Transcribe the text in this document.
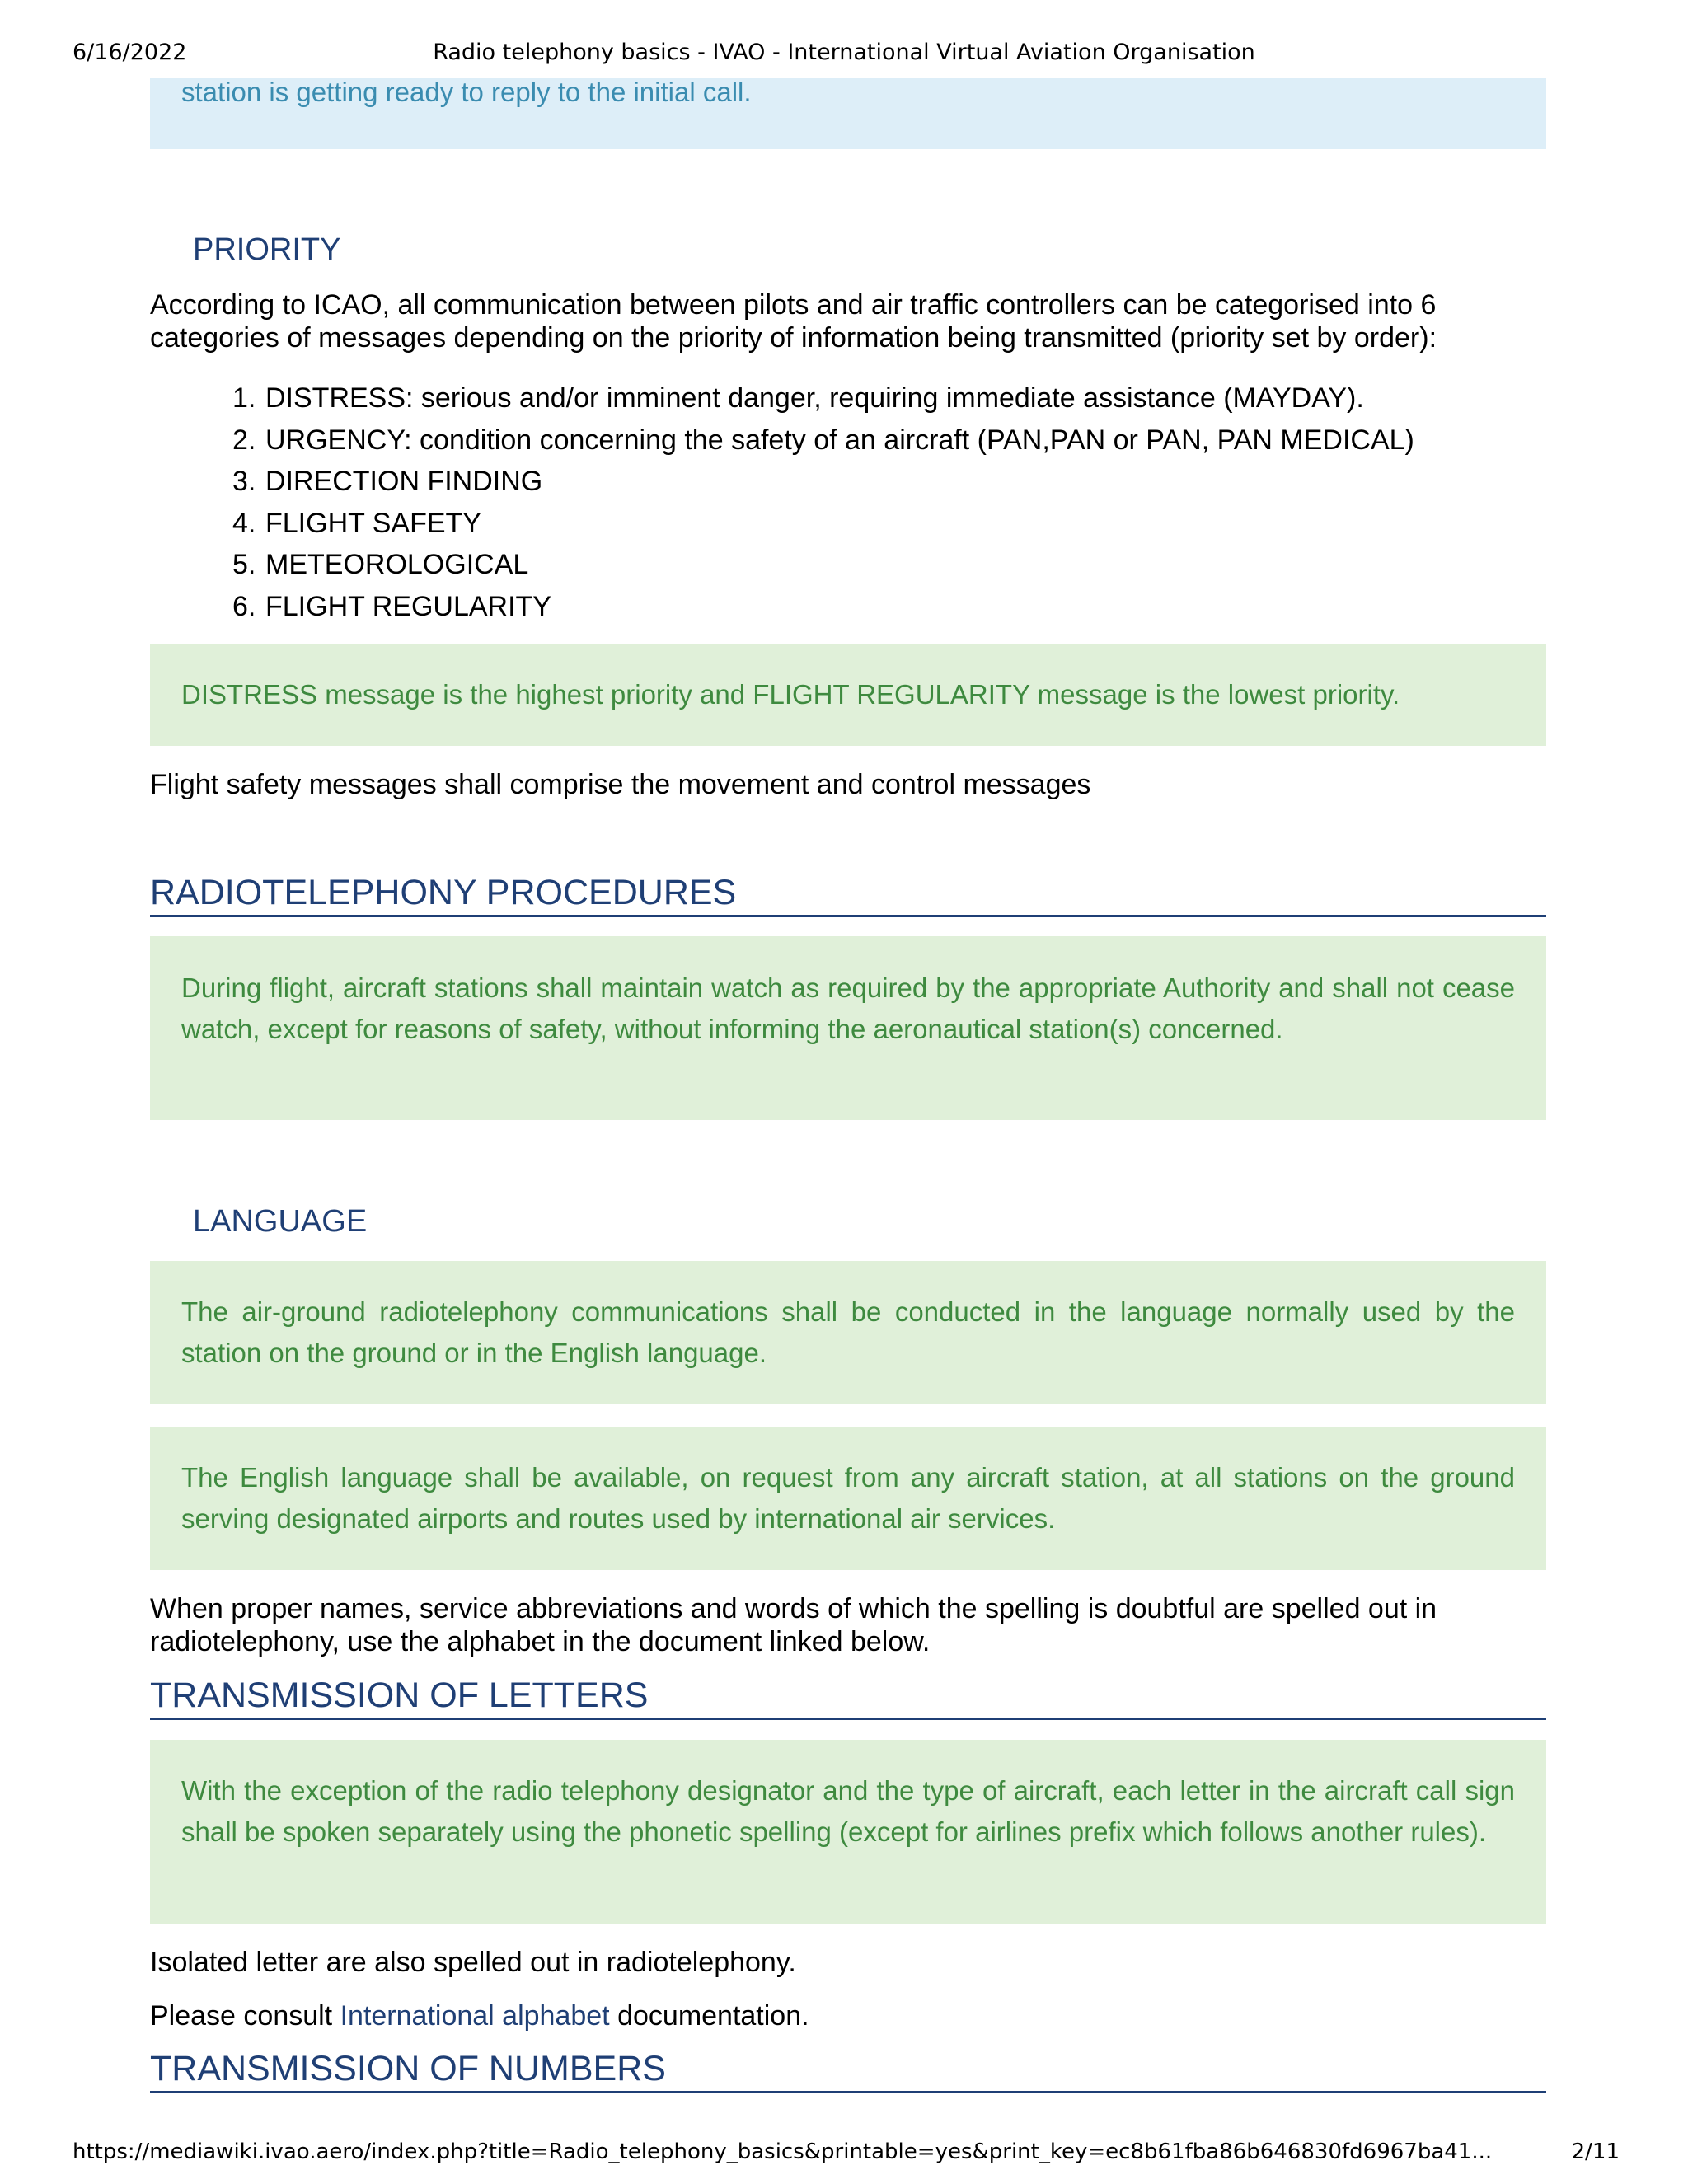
6/16/2022	Radio telephony basics - IVAO - International Virtual Aviation Organisation
station is getting ready to reply to the initial call.
PRIORITY
According to ICAO, all communication between pilots and air traffic controllers can be categorised into 6 categories of messages depending on the priority of information being transmitted (priority set by order):
1. DISTRESS: serious and/or imminent danger, requiring immediate assistance (MAYDAY).
2. URGENCY: condition concerning the safety of an aircraft (PAN,PAN or PAN, PAN MEDICAL)
3. DIRECTION FINDING
4. FLIGHT SAFETY
5. METEOROLOGICAL
6. FLIGHT REGULARITY
DISTRESS message is the highest priority and FLIGHT REGULARITY message is the lowest priority.
Flight safety messages shall comprise the movement and control messages
RADIOTELEPHONY PROCEDURES
During flight, aircraft stations shall maintain watch as required by the appropriate Authority and shall not cease watch, except for reasons of safety, without informing the aeronautical station(s) concerned.
LANGUAGE
The air-ground radiotelephony communications shall be conducted in the language normally used by the station on the ground or in the English language.
The English language shall be available, on request from any aircraft station, at all stations on the ground serving designated airports and routes used by international air services.
When proper names, service abbreviations and words of which the spelling is doubtful are spelled out in radiotelephony, use the alphabet in the document linked below.
TRANSMISSION OF LETTERS
With the exception of the radio telephony designator and the type of aircraft, each letter in the aircraft call sign shall be spoken separately using the phonetic spelling (except for airlines prefix which follows another rules).
Isolated letter are also spelled out in radiotelephony.
Please consult International alphabet documentation.
TRANSMISSION OF NUMBERS
https://mediawiki.ivao.aero/index.php?title=Radio_telephony_basics&printable=yes&print_key=ec8b61fba86b646830fd6967ba41...	2/11
